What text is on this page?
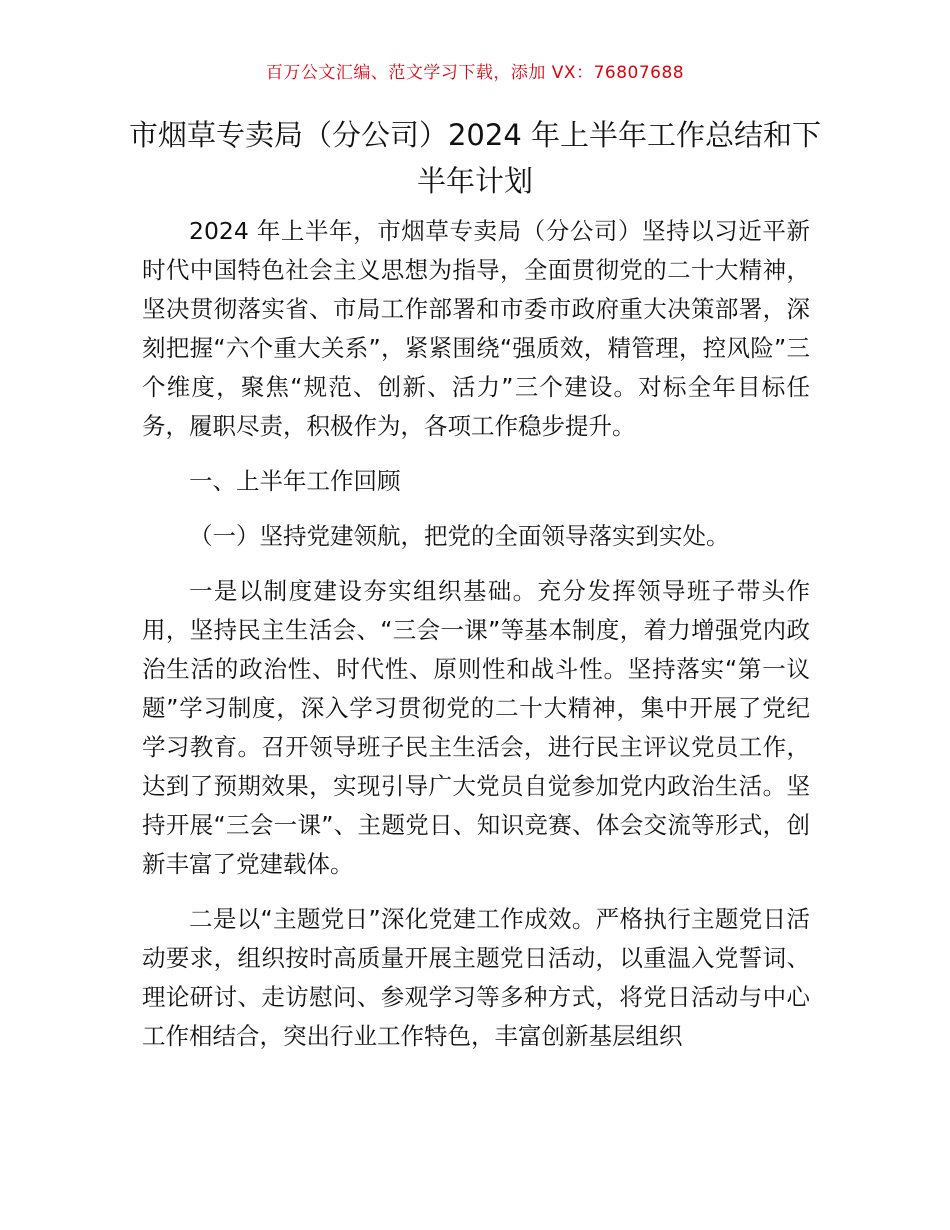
百万公文汇编、范文学习下载，添加 VX：76807688
市烟草专卖局（分公司）2024 年上半年工作总结和下半年计划

2024 年上半年，市烟草专卖局（分公司）坚持以习近平新时代中国特色社会主义思想为指导，全面贯彻党的二十大精神，坚决贯彻落实省、市局工作部署和市委市政府重大决策部署，深刻把握“六个重大关系”，紧紧围绕“强质效，精管理，控风险”三个维度，聚焦“规范、创新、活力”三个建设。对标全年目标任务，履职尽责，积极作为，各项工作稳步提升。

一、上半年工作回顾

（一）坚持党建领航，把党的全面领导落实到实处。

一是以制度建设夯实组织基础。充分发挥领导班子带头作用，坚持民主生活会、“三会一课”等基本制度，着力增强党内政治生活的政治性、时代性、原则性和战斗性。坚持落实“第一议题”学习制度，深入学习贯彻党的二十大精神，集中开展了党纪学习教育。召开领导班子民主生活会，进行民主评议党员工作，达到了预期效果，实现引导广大党员自觉参加党内政治生活。坚持开展“三会一课”、主题党日、知识竞赛、体会交流等形式，创新丰富了党建载体。

二是以“主题党日”深化党建工作成效。严格执行主题党日活动要求，组织按时高质量开展主题党日活动，以重温入党誓词、理论研讨、走访慰问、参观学习等多种方式，将党日活动与中心工作相结合，突出行业工作特色，丰富创新基层组织
